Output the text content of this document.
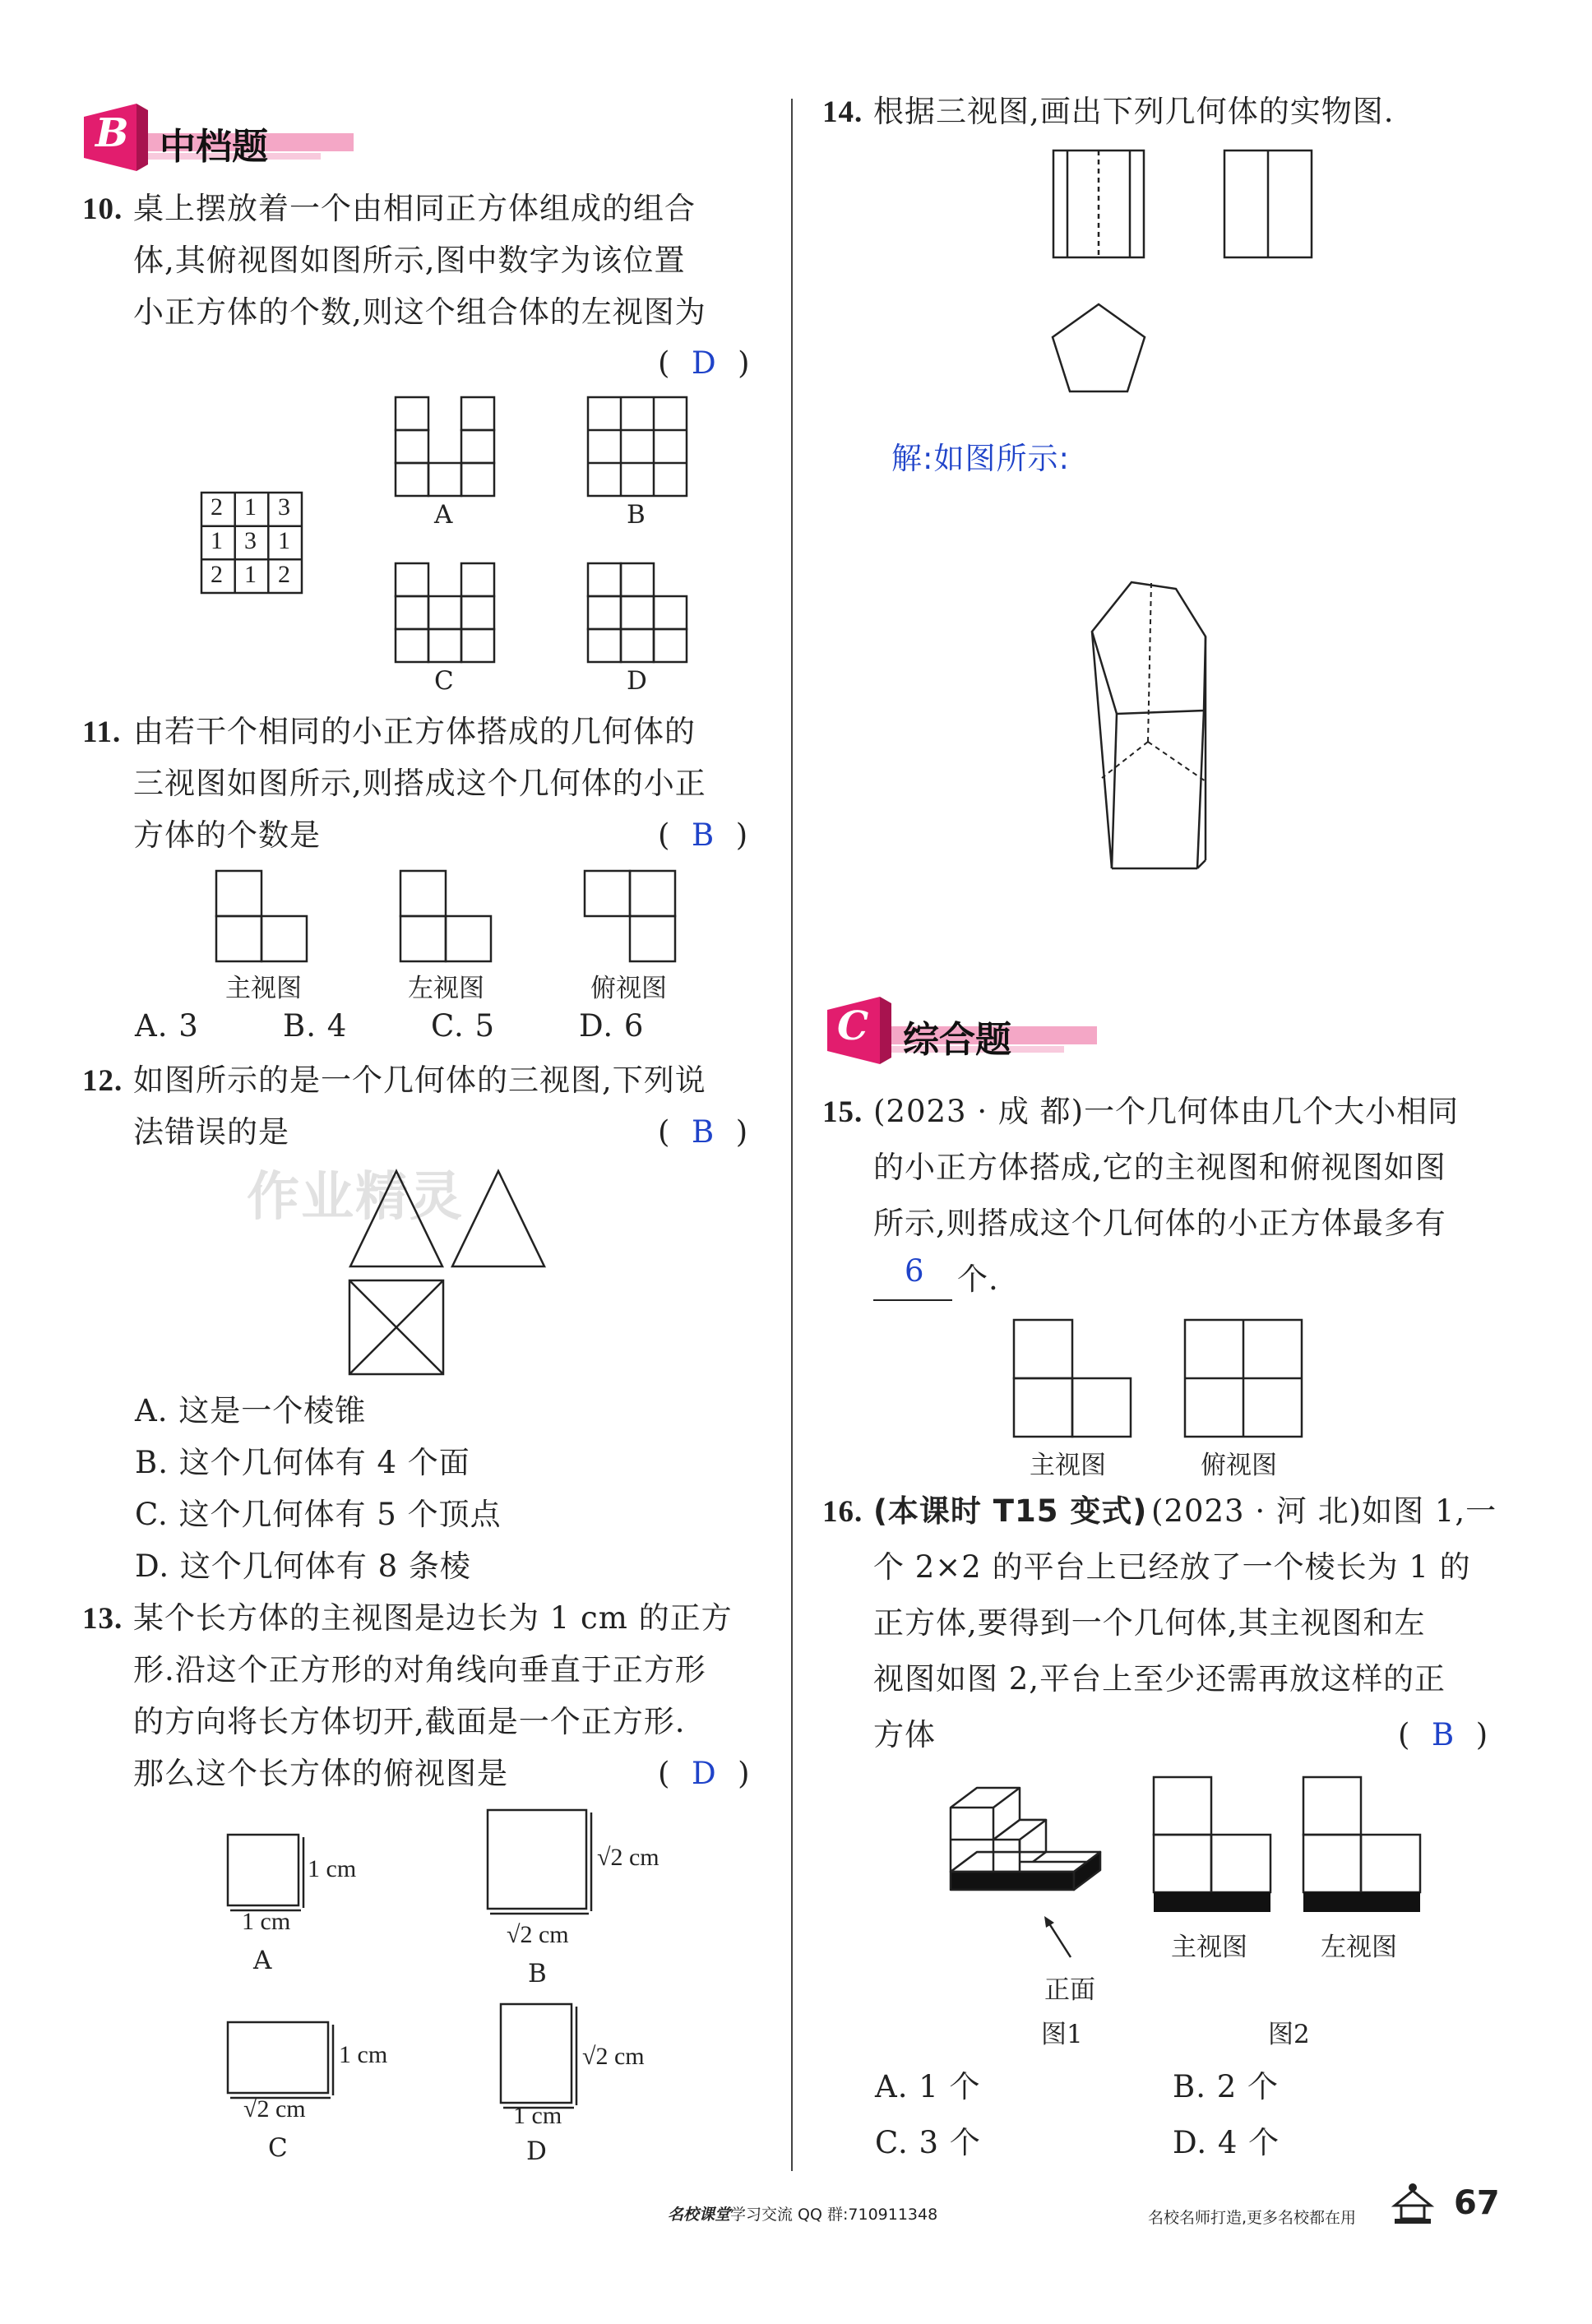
B 中档题
10. 桌上摆放着一个由相同正方体组成的组合
体,其俯视图如图所示,图中数字为该位置
小正方体的个数,则这个组合体的左视图为
(  D  )
2 1 3
1 3 1
2 1 2
A	B
C	D
11. 由若干个相同的小正方体搭成的几何体的
三视图如图所示,则搭成这个几何体的小正
方体的个数是	(  B  )
主视图	左视图	俯视图
A. 3	B. 4	C. 5	D. 6
12. 如图所示的是一个几何体的三视图,下列说
法错误的是	(  B  )
作业精灵
A. 这是一个棱锥
B. 这个几何体有 4 个面
C. 这个几何体有 5 个顶点
D. 这个几何体有 8 条棱
13. 某个长方体的主视图是边长为 1 cm 的正方
形.沿这个正方形的对角线向垂直于正方形
的方向将长方体切开,截面是一个正方形.
那么这个长方体的俯视图是	(  D  )
1 cm
1 cm
A
√2 cm
√2 cm
B
1 cm
√2 cm
C
√2 cm
1 cm
D
14. 根据三视图,画出下列几何体的实物图.
解:如图所示:
C 综合题
15. (2023 · 成 都)一个几何体由几个大小相同
的小正方体搭成,它的主视图和俯视图如图
所示,则搭成这个几何体的小正方体最多有
6 个.
主视图	俯视图
16. (本课时 T15 变式) (2023 · 河 北)如图 1,一
个 2×2 的平台上已经放了一个棱长为 1 的
正方体,要得到一个几何体,其主视图和左
视图如图 2,平台上至少还需再放这样的正
方体	(  B  )
正面
图1
主视图	左视图
图2
A. 1 个	B. 2 个
C. 3 个	D. 4 个
名校课堂学习交流 QQ 群:710911348	名校名师打造,更多名校都在用	67
